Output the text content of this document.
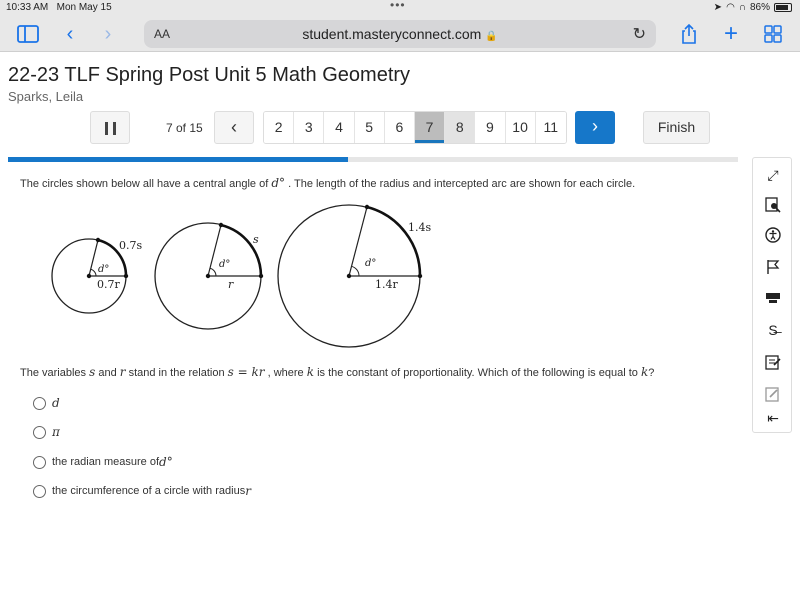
10:33 AM Mon May 15	•••	➤ ◠ ∩ 86%
‹	›	AA	student.masteryconnect.com 🔒	↻	+
22-23 TLF Spring Post Unit 5 Math Geometry
Sparks, Leila
7 of 15	‹	2	3	4	5	6	7	8	9	10	11	›	Finish
The circles shown below all have a central angle of d° . The length of the radius and intercepted arc are shown for each circle.
d°
0.7s
0.7r
d°
s
r
d°
1.4s
1.4r
The variables s and r stand in the relation s = kr , where k is the constant of proportionality. Which of the following is equal to k?
d
π
the radian measure of d°
the circumference of a circle with radius r
⤢
S̶
⇤
